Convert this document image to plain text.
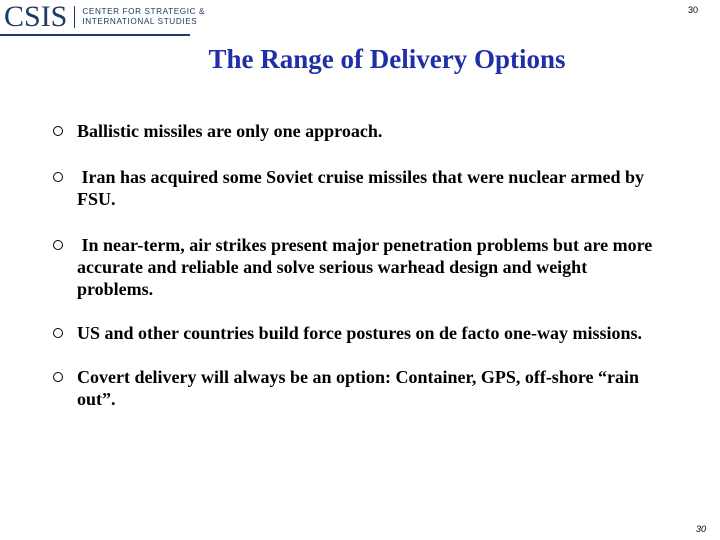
CSIS CENTER FOR STRATEGIC &
INTERNATIONAL STUDIES
30
The Range of Delivery Options
Ballistic missiles are only one approach.
Iran has acquired some Soviet cruise missiles that were nuclear armed by FSU.
In near-term, air strikes present major penetration problems but are more accurate and reliable and solve serious warhead design and weight problems.
US and other countries build force postures on de facto one-way missions.
Covert delivery will always be an option: Container, GPS, off-shore “rain out”.
30
